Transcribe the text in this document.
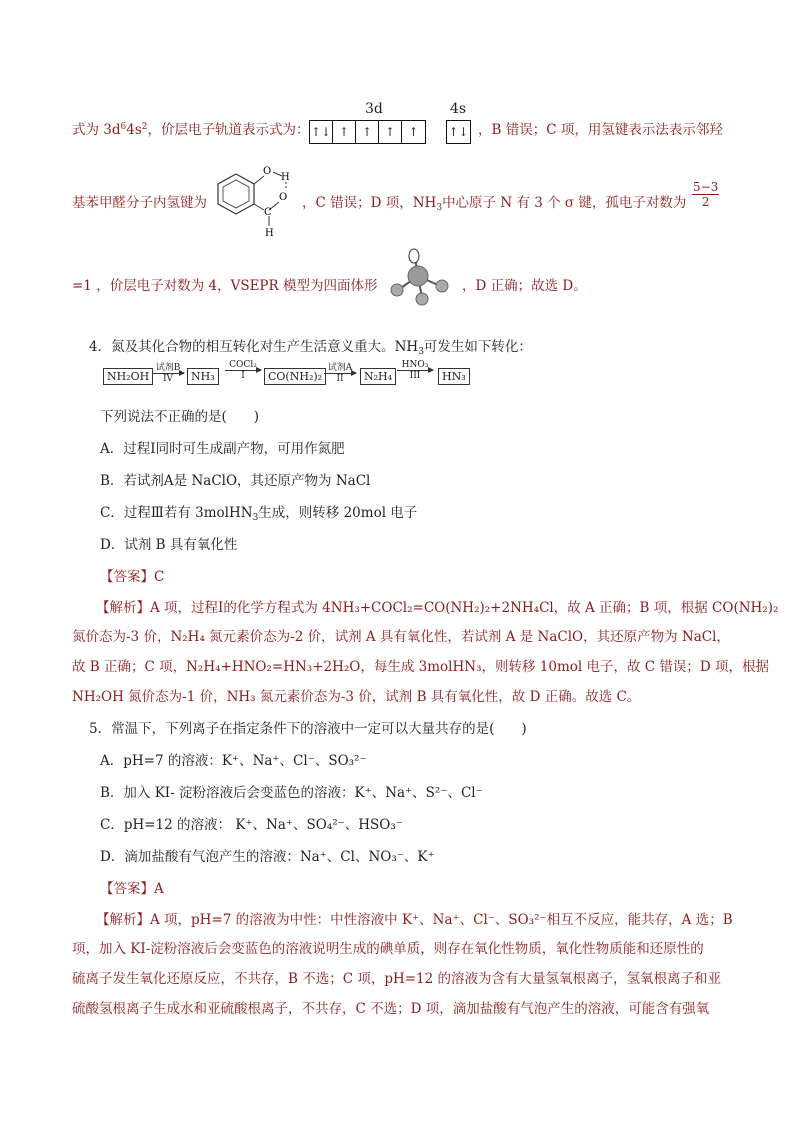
式为 $3d^64s^2$，价层电子轨道表示式为：
3d	4s
↑↓ ↑	↑	↑	↑	↑↓ ，B 错误；C 项，用氢键表示法表示邻羟
基苯甲醛分子内氢键为
O
H
C
O
H
，C 错误；D 项，$NH_3$中心原子 N 有 3 个 σ 键，孤电子对数为
5−3
2
=1 ，价层电子对数为 4，VSEPR 模型为四面体形	，D 正确；故选 D。
4．氮及其化合物的相互转化对生产生活意义重大。$NH_3$可发生如下转化：
NH₂OH
试剂B
IV	NH₃
COCl₂
I	CO(NH₂)₂
试剂A
II	N₂H₄
HNO₃
III	HN₃
下列说法不正确的是(　　)
A．过程Ⅰ同时可生成副产物，可用作氮肥
B．若试剂A是 NaClO，其还原产物为 NaCl
C．过程Ⅲ若有 3molHN$_3$生成，则转移 20mol 电子
D．试剂 B 具有氧化性
【答案】C
【解析】A 项，过程Ⅰ的化学方程式为 4NH₃+COCl₂=CO(NH₂)₂+2NH₄Cl，故 A 正确；B 项，根据 CO(NH₂)₂
氮价态为-3 价，N₂H₄ 氮元素价态为-2 价，试剂 A 具有氧化性，若试剂 A 是 NaClO，其还原产物为 NaCl，
故 B 正确；C 项，N₂H₄+HNO₂=HN₃+2H₂O，每生成 3molHN₃，则转移 10mol 电子，故 C 错误；D 项，根据
NH₂OH 氮价态为-1 价，NH₃ 氮元素价态为-3 价，试剂 B 具有氧化性，故 D 正确。故选 C。
5．常温下，下列离子在指定条件下的溶液中一定可以大量共存的是(　　)
A．pH=7 的溶液：K⁺、Na⁺、Cl⁻、SO₃²⁻
B．加入 KI- 淀粉溶液后会变蓝色的溶液：K⁺、Na⁺、S²⁻、Cl⁻
C．pH=12 的溶液： K⁺、Na⁺、SO₄²⁻、HSO₃⁻
D．滴加盐酸有气泡产生的溶液：Na⁺、Cl、NO₃⁻、K⁺
【答案】A
【解析】A 项，pH=7 的溶液为中性：中性溶液中 K⁺、Na⁺、Cl⁻、SO₃²⁻相互不反应，能共存，A 选；B
项，加入 KI-淀粉溶液后会变蓝色的溶液说明生成的碘单质，则存在氧化性物质，氧化性物质能和还原性的
硫离子发生氧化还原反应，不共存，B 不选；C 项，pH=12 的溶液为含有大量氢氧根离子，氢氧根离子和亚
硫酸氢根离子生成水和亚硫酸根离子，不共存，C 不选；D 项，滴加盐酸有气泡产生的溶液，可能含有强氧
